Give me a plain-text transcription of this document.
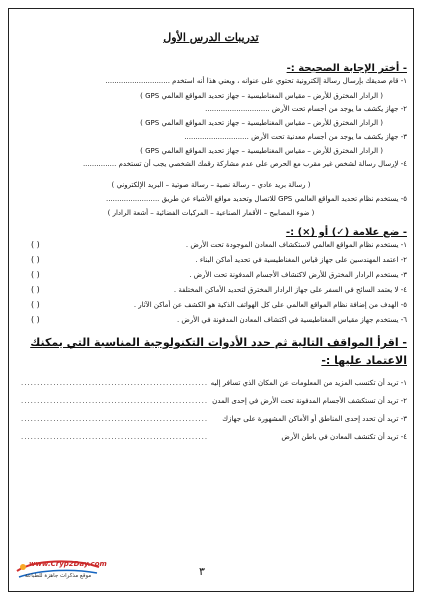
تدريبات الدرس الأول
- أختر الإجابة الصحيحة :-
١- قام صديقك بإرسال رسالة إلكترونية تحتوي على عنوانه ، ويعني هذا أنه استخدم .............................
( الرادار المخترق للأرض – مقياس المغناطيسية – جهاز تحديد المواقع العالمي GPS )
٢- جهاز يكشف ما يوجد من أجسام تحت الأرض .............................
( الرادار المخترق للأرض – مقياس المغناطيسية – جهاز تحديد المواقع العالمي GPS )
٣- جهاز يكشف ما يوجد من أجسام معدنية تحت الأرض .............................
( الرادار المخترق للأرض – مقياس المغناطيسية – جهاز تحديد المواقع العالمي GPS )
٤- لإرسال رسالة لشخص غير مقرب مع الحرص على عدم مشاركة رقمك الشخصي يجب أن تستخدم ...............
( رسالة بريد عادي – رسالة نصية – رسالة صوتية – البريد الإلكتروني )
٥- يستخدم نظام تحديد المواقع العالمي GPS للاتصال وتحديد مواقع الأشياء عن طريق ........................
( ضوء المصابيح – الأقمار الصناعية – المركبات الفضائية – أشعة الرادار )
- ضع علامة (✓) أو (×) :-
١- يستخدم نظام المواقع العالمي لاستكشاف المعادن الموجودة تحت الأرض .
( )
٢- اعتمد المهندسين على جهاز قياس المغناطيسية في تحديد أماكن البناء .
( )
٣- يستخدم الرادار المخترق للأرض لاكتشاف الأجسام المدفونة تحت الأرض .
( )
٤- لا يعتمد السائح في السفر على جهاز الرادار المخترق لتحديد الأماكن المختلفة .
( )
٥- الهدف من إضافة نظام المواقع العالمي على كل الهواتف الذكية هو الكشف عن أماكن الآثار .
( )
٦- يستخدم جهاز مقياس المغناطيسية في اكتشاف المعادن المدفونة في الأرض .
( )
- اقرأ المواقف التالية ثم حدد الأدوات التكنولوجية المناسبة التي يمكنك
الاعتماد عليها :-
١- تريد أن تكتسب المزيد من المعلومات عن المكان الذي تسافر إليه
..........................................................
٢- تريد أن تستكشف الأجسام المدفونة تحت الأرض في إحدى المدن
..........................................................
٣- تريد أن تحدد إحدى المناطق أو الأماكن المشهورة على جهازك
..........................................................
٤- تريد أن تكتشف المعادن في باطن الأرض
..........................................................
٣
www.Cryp2Day.com
موقع مذكرات جاهزة للطباعة
